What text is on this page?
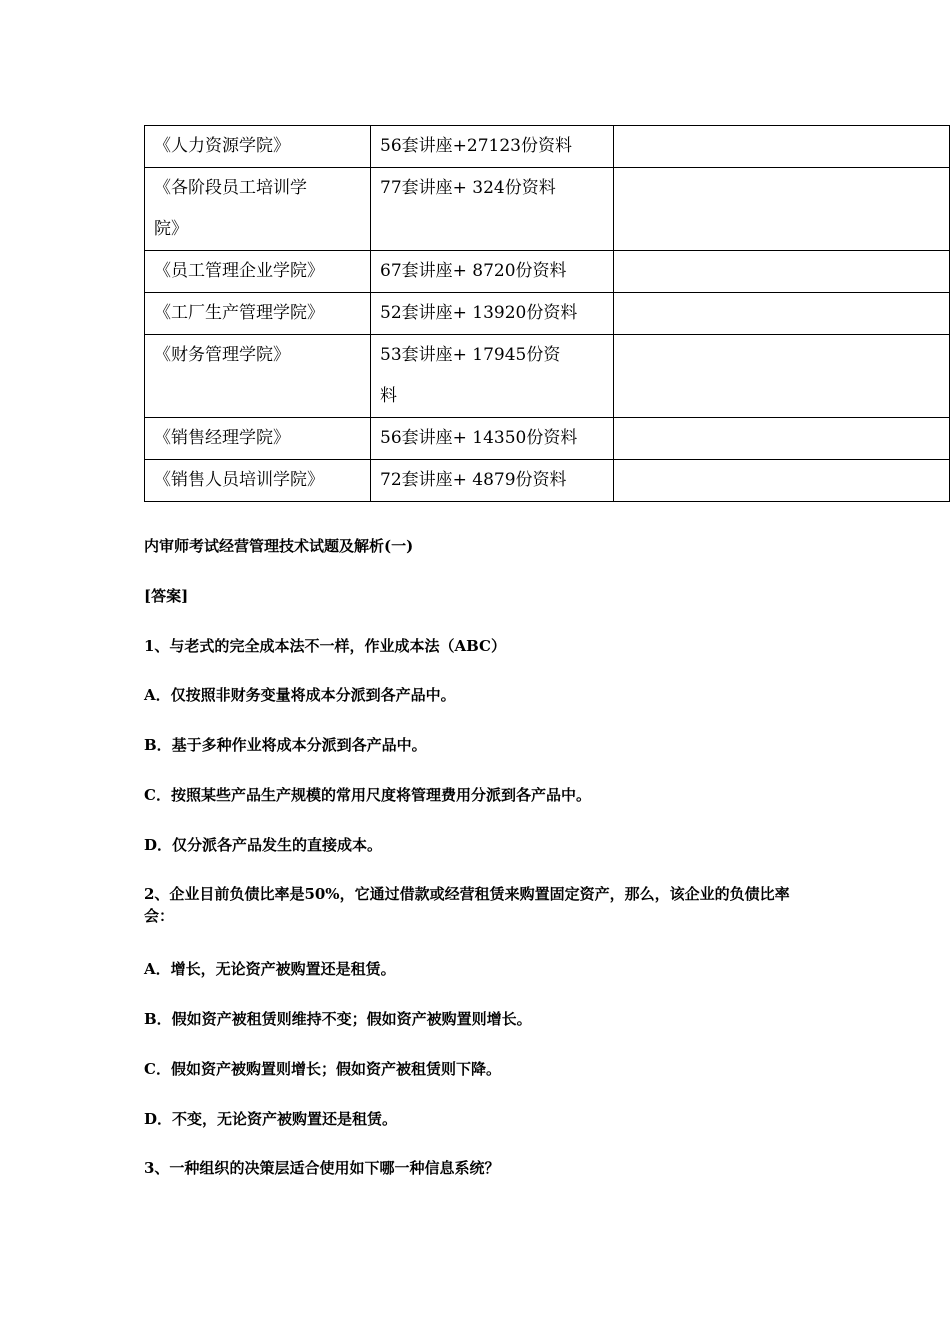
《人力资源学院》	56套讲座+27123份资料	

《各阶段员工培训学院》	77套讲座+ 324份资料	

《员工管理企业学院》	67套讲座+ 8720份资料	

《工厂生产管理学院》	52套讲座+ 13920份资料	

《财务管理学院》	53套讲座+ 17945份资料	

《销售经理学院》	56套讲座+ 14350份资料	

《销售人员培训学院》	72套讲座+ 4879份资料	

内审师考试经营管理技术试题及解析(一)

[答案]

1、与老式的完全成本法不一样，作业成本法（ABC）

A．仅按照非财务变量将成本分派到各产品中。

B．基于多种作业将成本分派到各产品中。

C．按照某些产品生产规模的常用尺度将管理费用分派到各产品中。

D．仅分派各产品发生的直接成本。

2、企业目前负债比率是50%，它通过借款或经营租赁来购置固定资产，那么，该企业的负债比率会：

A．增长，无论资产被购置还是租赁。

B．假如资产被租赁则维持不变；假如资产被购置则增长。

C．假如资产被购置则增长；假如资产被租赁则下降。

D．不变，无论资产被购置还是租赁。

3、一种组织的决策层适合使用如下哪一种信息系统？
